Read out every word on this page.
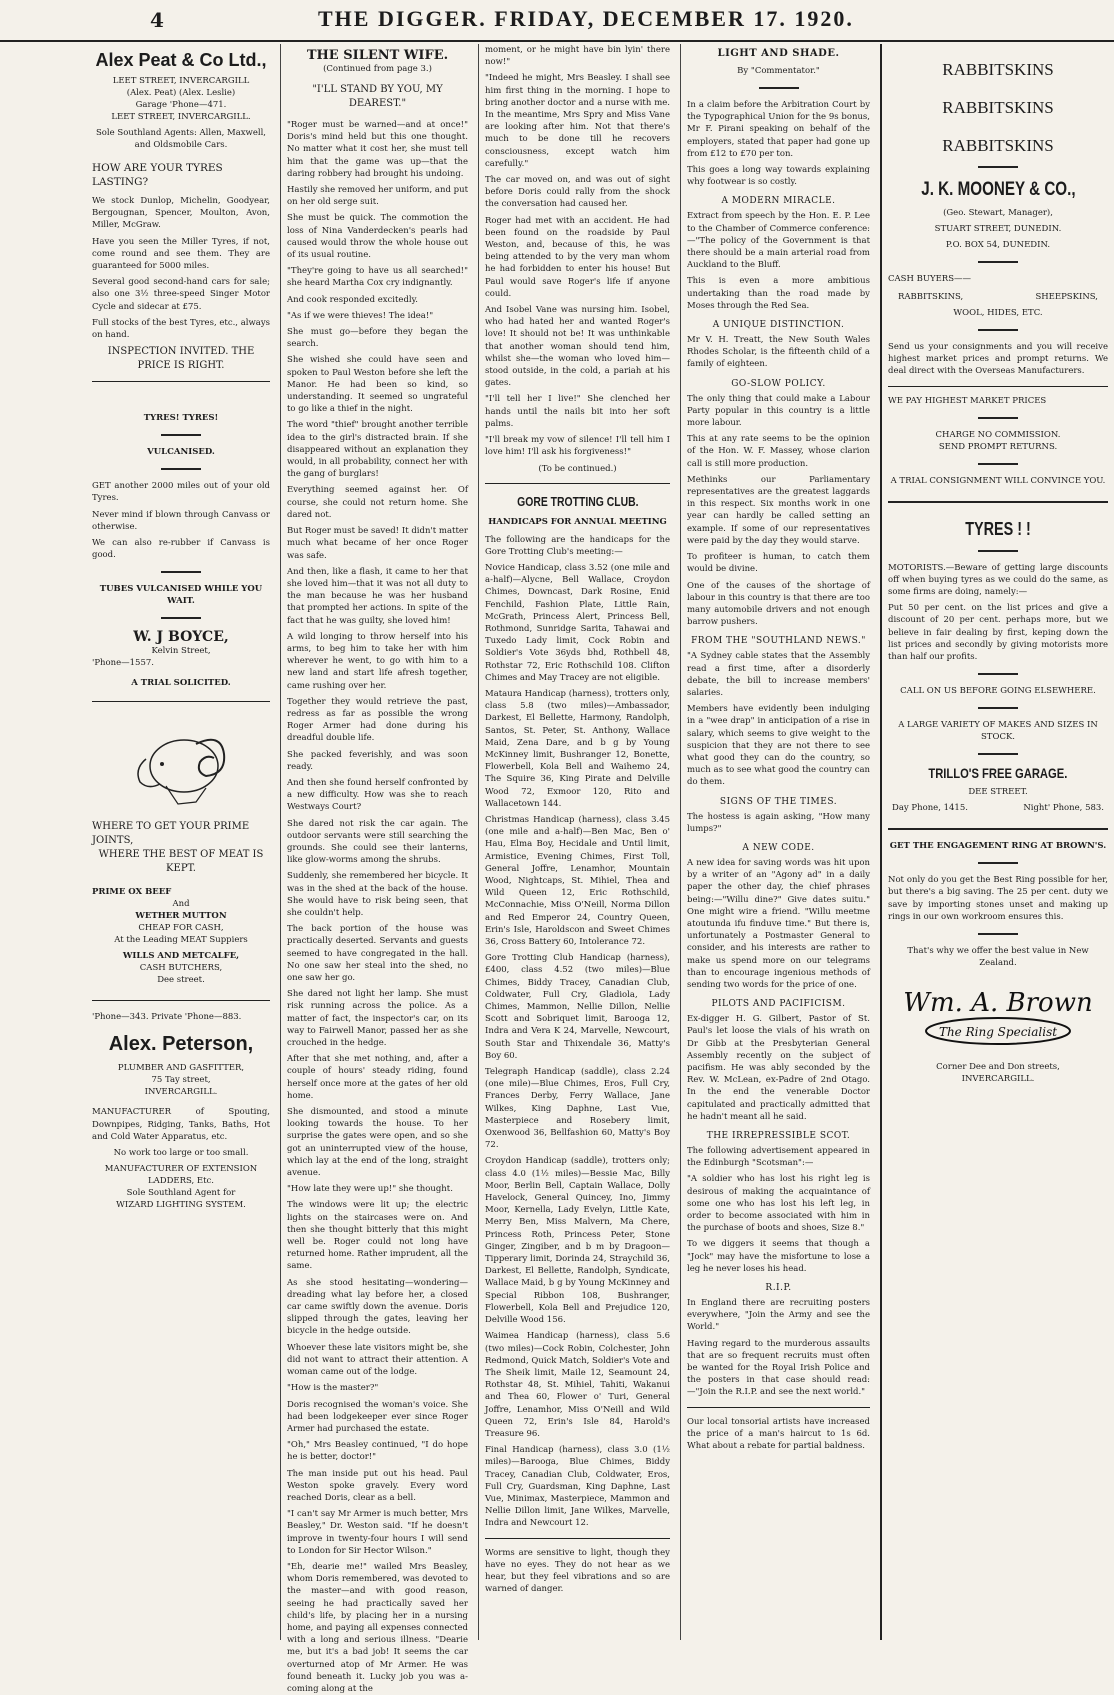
4	THE DIGGER. FRIDAY, DECEMBER 17. 1920.
Alex Peat & Co Ltd.,
LEET STREET, INVERCARGILL
(Alex. Peat) (Alex. Leslie)
Garage 'Phone—471.
LEET STREET, INVERCARGILL.
Sole Southland Agents: Allen, Maxwell, and Oldsmobile Cars.
HOW ARE YOUR TYRES LASTING?

We stock Dunlop, Michelin, Goodyear, Bergougnan, Spencer, Moulton, Avon, Miller, McGraw.

Have you seen the Miller Tyres, if not, come round and see them. They are guaranteed for 5000 miles.

Several good second-hand cars for sale; also one 3½ three-speed Singer Motor Cycle and sidecar at £75.

Full stocks of the best Tyres, etc., always on hand.

INSPECTION INVITED. THE PRICE IS RIGHT.
TYRES! TYRES!
VULCANISED.

GET another 2000 miles out of your old Tyres.

Never mind if blown through Canvass or otherwise.

We can also re-rubber if Canvass is good.

TUBES VULCANISED WHILE YOU WAIT.
W. J BOYCE,
Kelvin Street,
'Phone—1557.
A TRIAL SOLICITED.
WHERE TO GET YOUR PRIME JOINTS,
WHERE THE BEST OF MEAT IS KEPT.
PRIME OX BEEF
And
WETHER MUTTON
CHEAP FOR CASH,
At the Leading MEAT Suppiers
WILLS AND METCALFE,
CASH BUTCHERS,
Dee street.
'Phone—343. Private 'Phone—883.
Alex. Peterson,
PLUMBER AND GASFITTER,
75 Tay street,
INVERCARGILL.

MANUFACTURER of Spouting, Downpipes, Ridging, Tanks, Baths, Hot and Cold Water Apparatus, etc.

No work too large or too small.
MANUFACTURER OF EXTENSION LADDERS, Etc.
Sole Southland Agent for
WIZARD LIGHTING SYSTEM.
THE SILENT WIFE.
(Continued from page 3.)
"I'LL STAND BY YOU, MY DEAREST."

"Roger must be warned—and at once!" Doris's mind held but this one thought. No matter what it cost her, she must tell him that the game was up—that the daring robbery had brought his undoing.

Hastily she removed her uniform, and put on her old serge suit.

She must be quick. The commotion the loss of Nina Vanderdecken's pearls had caused would throw the whole house out of its usual routine.

"They're going to have us all searched!" she heard Martha Cox cry indignantly.

And cook responded excitedly.

"As if we were thieves! The idea!"

She must go—before they began the search.

She wished she could have seen and spoken to Paul Weston before she left the Manor. He had been so kind, so understanding. It seemed so ungrateful to go like a thief in the night.

The word "thief" brought another terrible idea to the girl's distracted brain. If she disappeared without an explanation they would, in all probability, connect her with the gang of burglars!

Everything seemed against her. Of course, she could not return home. She dared not.

But Roger must be saved! It didn't matter much what became of her once Roger was safe.

And then, like a flash, it came to her that she loved him—that it was not all duty to the man because he was her husband that prompted her actions. In spite of the fact that he was guilty, she loved him!

A wild longing to throw herself into his arms, to beg him to take her with him wherever he went, to go with him to a new land and start life afresh together, came rushing over her.

Together they would retrieve the past, redress as far as possible the wrong Roger Armer had done during his dreadful double life.

She packed feverishly, and was soon ready.

And then she found herself confronted by a new difficulty. How was she to reach Westways Court?

She dared not risk the car again. The outdoor servants were still searching the grounds. She could see their lanterns, like glow-worms among the shrubs.

Suddenly, she remembered her bicycle. It was in the shed at the back of the house. She would have to risk being seen, that she couldn't help.

The back portion of the house was practically deserted. Servants and guests seemed to have congregated in the hall. No one saw her steal into the shed, no one saw her go.

She dared not light her lamp. She must risk running across the police. As a matter of fact, the inspector's car, on its way to Fairwell Manor, passed her as she crouched in the hedge.

After that she met nothing, and, after a couple of hours' steady riding, found herself once more at the gates of her old home.

She dismounted, and stood a minute looking towards the house. To her surprise the gates were open, and so she got an uninterrupted view of the house, which lay at the end of the long, straight avenue.

"How late they were up!" she thought.

The windows were lit up; the electric lights on the staircases were on. And then she thought bitterly that this might well be. Roger could not long have returned home. Rather imprudent, all the same.

As she stood hesitating—wondering—dreading what lay before her, a closed car came swiftly down the avenue. Doris slipped through the gates, leaving her bicycle in the hedge outside.

Whoever these late visitors might be, she did not want to attract their attention. A woman came out of the lodge.

"How is the master?"

Doris recognised the woman's voice. She had been lodgekeeper ever since Roger Armer had purchased the estate.

"Oh," Mrs Beasley continued, "I do hope he is better, doctor!"

The man inside put out his head. Paul Weston spoke gravely. Every word reached Doris, clear as a bell.

"I can't say Mr Armer is much better, Mrs Beasley," Dr. Weston said. "If he doesn't improve in twenty-four hours I will send to London for Sir Hector Wilson."

"Eh, dearie me!" wailed Mrs Beasley, whom Doris remembered, was devoted to the master—and with good reason, seeing he had practically saved her child's life, by placing her in a nursing home, and paying all expenses connected with a long and serious illness. "Dearie me, but it's a bad job! It seems the car overturned atop of Mr Armer. He was found beneath it. Lucky job you was a-coming along at the

moment, or he might have bin lyin' there now!"

"Indeed he might, Mrs Beasley. I shall see him first thing in the morning. I hope to bring another doctor and a nurse with me. In the meantime, Mrs Spry and Miss Vane are looking after him. Not that there's much to be done till he recovers consciousness, except watch him carefully."

The car moved on, and was out of sight before Doris could rally from the shock the conversation had caused her.

Roger had met with an accident. He had been found on the roadside by Paul Weston, and, because of this, he was being attended to by the very man whom he had forbidden to enter his house! But Paul would save Roger's life if anyone could.

And Isobel Vane was nursing him. Isobel, who had hated her and wanted Roger's love! It should not be! It was unthinkable that another woman should tend him, whilst she—the woman who loved him—stood outside, in the cold, a pariah at his gates.

"I'll tell her I live!" She clenched her hands until the nails bit into her soft palms.

"I'll break my vow of silence! I'll tell him I love him! I'll ask his forgiveness!"

(To be continued.)
GORE TROTTING CLUB.
HANDICAPS FOR ANNUAL MEETING

The following are the handicaps for the Gore Trotting Club's meeting:—

Novice Handicap, class 3.52 (one mile and a-half)—Alycne, Bell Wallace, Croydon Chimes, Downcast, Dark Rosine, Enid Fenchild, Fashion Plate, Little Rain, McGrath, Princess Alert, Princess Bell, Rothmond, Sunridge Sarita, Tahawai and Tuxedo Lady limit, Cock Robin and Soldier's Vote 36yds bhd, Rothbell 48, Rothstar 72, Eric Rothschild 108. Clifton Chimes and May Tracey are not eligible.

Mataura Handicap (harness), trotters only, class 5.8 (two miles)—Ambassador, Darkest, El Bellette, Harmony, Randolph, Santos, St. Peter, St. Anthony, Wallace Maid, Zena Dare, and b g by Young McKinney limit, Bushranger 12, Bonette, Flowerbell, Kola Bell and Waihemo 24, The Squire 36, King Pirate and Delville Wood 72, Exmoor 120, Rito and Wallacetown 144.

Christmas Handicap (harness), class 3.45 (one mile and a-half)—Ben Mac, Ben o' Hau, Elma Boy, Hecidale and Until limit, Armistice, Evening Chimes, First Toll, General Joffre, Lenamhor, Mountain Wood, Nightcaps, St. Mihiel, Thea and Wild Queen 12, Eric Rothschild, McConnachie, Miss O'Neill, Norma Dillon and Red Emperor 24, Country Queen, Erin's Isle, Haroldscon and Sweet Chimes 36, Cross Battery 60, Intolerance 72.

Gore Trotting Club Handicap (harness), £400, class 4.52 (two miles)—Blue Chimes, Biddy Tracey, Canadian Club, Coldwater, Full Cry, Gladiola, Lady Chimes, Mammon, Nellie Dillon, Nellie Scott and Sobriquet limit, Barooga 12, Indra and Vera K 24, Marvelle, Newcourt, South Star and Thixendale 36, Matty's Boy 60.

Telegraph Handicap (saddle), class 2.24 (one mile)—Blue Chimes, Eros, Full Cry, Frances Derby, Ferry Wallace, Jane Wilkes, King Daphne, Last Vue, Masterpiece and Rosebery limit, Oxenwood 36, Bellfashion 60, Matty's Boy 72.

Croydon Handicap (saddle), trotters only; class 4.0 (1½ miles)—Bessie Mac, Billy Moor, Berlin Bell, Captain Wallace, Dolly Havelock, General Quincey, Ino, Jimmy Moor, Kernella, Lady Evelyn, Little Kate, Merry Ben, Miss Malvern, Ma Chere, Princess Roth, Princess Peter, Stone Ginger, Zingiber, and b m by Dragoon—Tipperary limit, Dorinda 24, Straychild 36, Darkest, El Bellette, Randolph, Syndicate, Wallace Maid, b g by Young McKinney and Special Ribbon 108, Bushranger, Flowerbell, Kola Bell and Prejudice 120, Delville Wood 156.

Waimea Handicap (harness), class 5.6 (two miles)—Cock Robin, Colchester, John Redmond, Quick Match, Soldier's Vote and The Sheik limit, Maile 12, Seamount 24, Rothstar 48, St. Mihiel, Tahiti, Wakanui and Thea 60, Flower o' Turi, General Joffre, Lenamhor, Miss O'Neill and Wild Queen 72, Erin's Isle 84, Harold's Treasure 96.

Final Handicap (harness), class 3.0 (1½ miles)—Barooga, Blue Chimes, Biddy Tracey, Canadian Club, Coldwater, Eros, Full Cry, Guardsman, King Daphne, Last Vue, Minimax, Masterpiece, Mammon and Nellie Dillon limit, Jane Wilkes, Marvelle, Indra and Newcourt 12.

Worms are sensitive to light, though they have no eyes. They do not hear as we hear, but they feel vibrations and so are warned of danger.

LIGHT AND SHADE.
By "Commentator."

In a claim before the Arbitration Court by the Typographical Union for the 9s bonus, Mr F. Pirani speaking on behalf of the employers, stated that paper had gone up from £12 to £70 per ton.

This goes a long way towards explaining why footwear is so costly.

A MODERN MIRACLE.

Extract from speech by the Hon. E. P. Lee to the Chamber of Commerce conference:—"The policy of the Government is that there should be a main arterial road from Auckland to the Bluff.

This is even a more ambitious undertaking than the road made by Moses through the Red Sea.

A UNIQUE DISTINCTION.

Mr V. H. Treatt, the New South Wales Rhodes Scholar, is the fifteenth child of a family of eighteen.

GO-SLOW POLICY.

The only thing that could make a Labour Party popular in this country is a little more labour.

This at any rate seems to be the opinion of the Hon. W. F. Massey, whose clarion call is still more production.

Methinks our Parliamentary representatives are the greatest laggards in this respect. Six months work in one year can hardly be called setting an example. If some of our representatives were paid by the day they would starve.

To profiteer is human, to catch them would be divine.

One of the causes of the shortage of labour in this country is that there are too many automobile drivers and not enough barrow pushers.

FROM THE "SOUTHLAND NEWS."

"A Sydney cable states that the Assembly read a first time, after a disorderly debate, the bill to increase members' salaries.

Members have evidently been indulging in a "wee drap" in anticipation of a rise in salary, which seems to give weight to the suspicion that they are not there to see what good they can do the country, so much as to see what good the country can do them.

SIGNS OF THE TIMES.

The hostess is again asking, "How many lumps?"

A NEW CODE.

A new idea for saving words was hit upon by a writer of an "Agony ad" in a daily paper the other day, the chief phrases being:—"Willu dine?" Give dates suitu." One might wire a friend. "Willu meetme atoutunda ifu finduve time." But there is, unfortunately a Postmaster General to consider, and his interests are rather to make us spend more on our telegrams than to encourage ingenious methods of sending two words for the price of one.

PILOTS AND PACIFICISM.

Ex-digger H. G. Gilbert, Pastor of St. Paul's let loose the vials of his wrath on Dr Gibb at the Presbyterian General Assembly recently on the subject of pacifism. He was ably seconded by the Rev. W. McLean, ex-Padre of 2nd Otago. In the end the venerable Doctor capitulated and practically admitted that he hadn't meant all he said.

THE IRREPRESSIBLE SCOT.

The following advertisement appeared in the Edinburgh "Scotsman":—

"A soldier who has lost his right leg is desirous of making the acquaintance of some one who has lost his left leg, in order to become associated with him in the purchase of boots and shoes, Size 8."

To we diggers it seems that though a "Jock" may have the misfortune to lose a leg he never loses his head.

R.I.P.

In England there are recruiting posters everywhere, "Join the Army and see the World."

Having regard to the murderous assaults that are so frequent recruits must often be wanted for the Royal Irish Police and the posters in that case should read:—"Join the R.I.P. and see the next world."

Our local tonsorial artists have increased the price of a man's haircut to 1s 6d. What about a rebate for partial baldness.

RABBITSKINS
RABBITSKINS
RABBITSKINS
J. K. MOONEY & CO.,
(Geo. Stewart, Manager),
STUART STREET, DUNEDIN.
P.O. BOX 54, DUNEDIN.
CASH BUYERS——
RABBITSKINS,	SHEEPSKINS,
WOOL, HIDES, ETC.

Send us your consignments and you will receive highest market prices and prompt returns. We deal direct with the Overseas Manufacturers.

WE PAY HIGHEST MARKET PRICES
CHARGE NO COMMISSION.
SEND PROMPT RETURNS.
A TRIAL CONSIGNMENT WILL CONVINCE YOU.
TYRES ! !

MOTORISTS.—Beware of getting large discounts off when buying tyres as we could do the same, as some firms are doing, namely:—

Put 50 per cent. on the list prices and give a discount of 20 per cent. perhaps more, but we believe in fair dealing by first, keping down the list prices and secondly by giving motorists more than half our profits.

CALL ON US BEFORE GOING ELSEWHERE.
A LARGE VARIETY OF MAKES AND SIZES IN STOCK.
TRILLO'S FREE GARAGE.
DEE STREET.
Day Phone, 1415.	Night' Phone, 583.
GET THE ENGAGEMENT RING AT BROWN'S.

Not only do you get the Best Ring possible for her, but there's a big saving. The 25 per cent. duty we save by importing stones unset and making up rings in our own workroom ensures this.

That's why we offer the best value in New Zealand.
Wm. A. Brown
The Ring Specialist
Corner Dee and Don streets,
INVERCARGILL.
